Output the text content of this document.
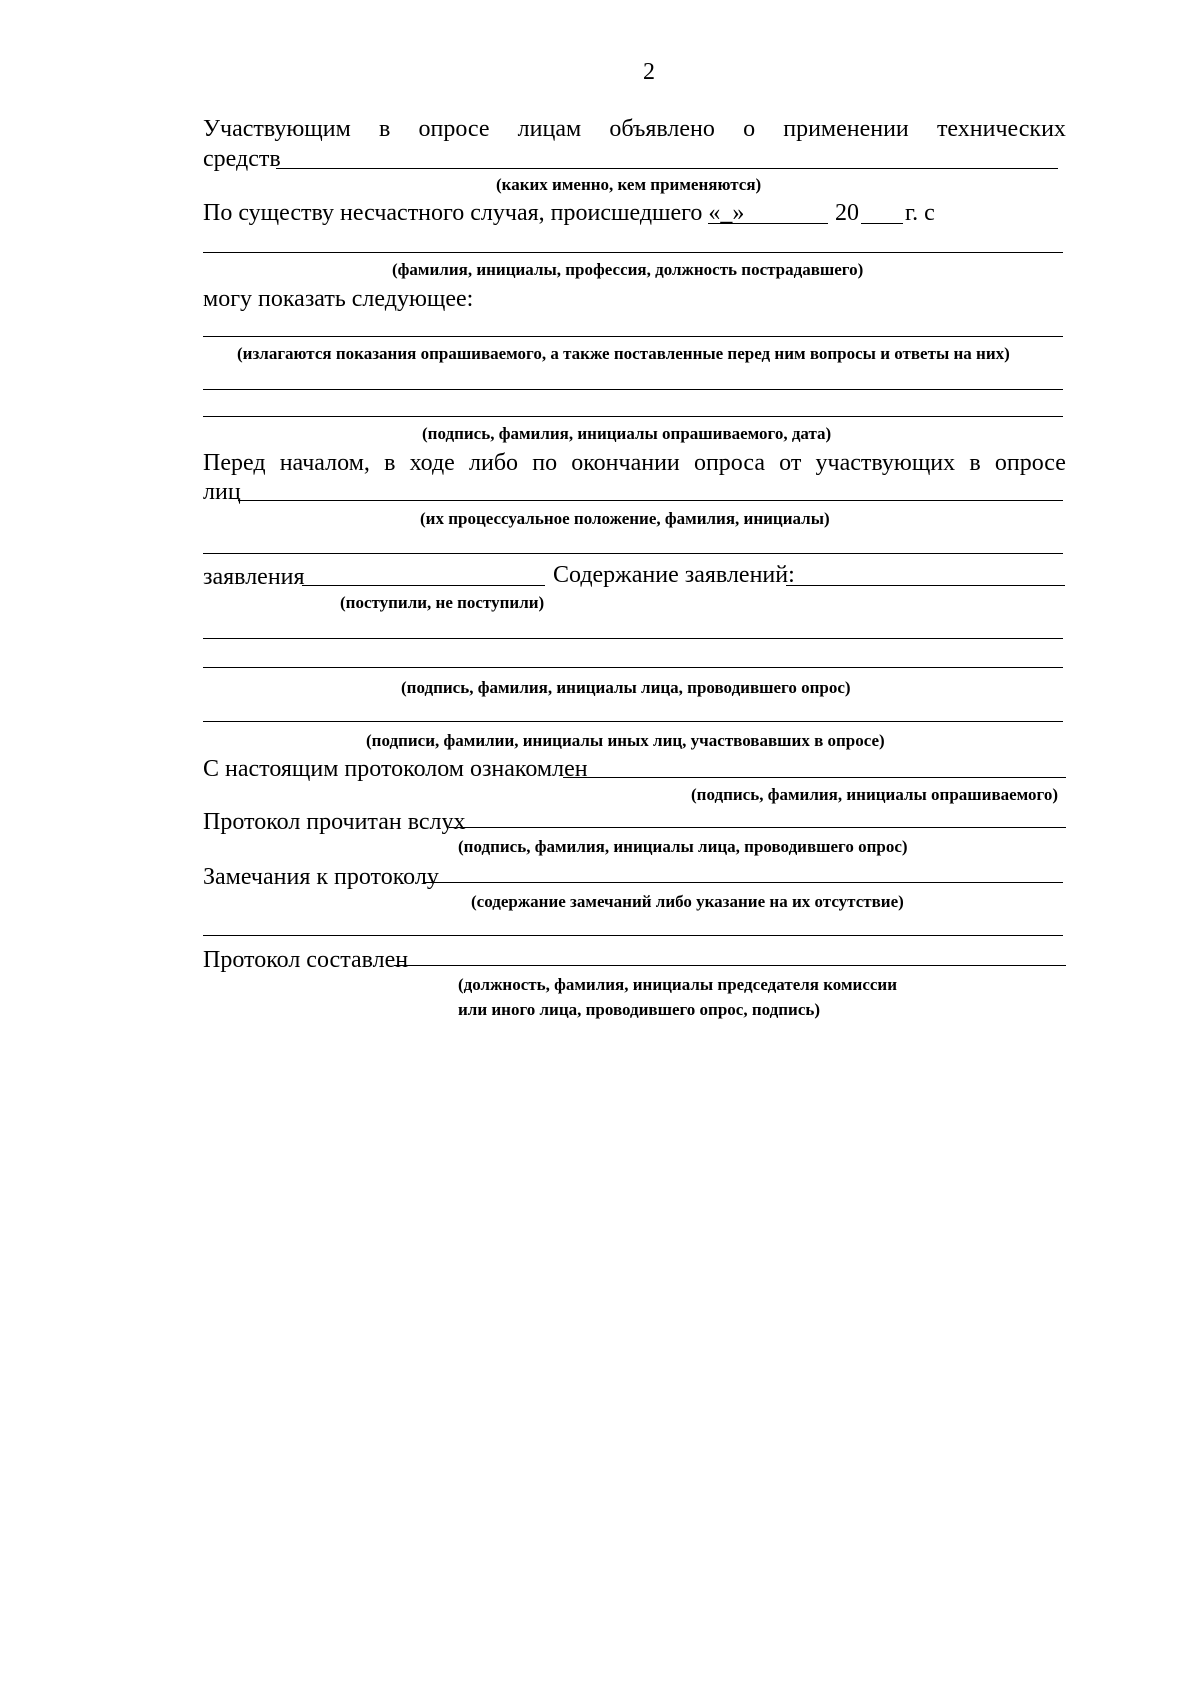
2
Участвующим в опросе лицам объявлено о применении технических
средств
(каких именно, кем применяются)
По существу несчастного случая, происшедшего «_»	20 г. с
(фамилия, инициалы, профессия, должность пострадавшего)
могу показать следующее:
(излагаются показания опрашиваемого, а также поставленные перед ним вопросы и ответы на них)
(подпись, фамилия, инициалы опрашиваемого, дата)
Перед началом, в ходе либо по окончании опроса от участвующих в опросе
лиц
(их процессуальное положение, фамилия, инициалы)
заявления	Содержание заявлений:
(поступили, не поступили)
(подпись, фамилия, инициалы лица, проводившего опрос)
(подписи, фамилии, инициалы иных лиц, участвовавших в опросе)
С настоящим протоколом ознакомлен
(подпись, фамилия, инициалы опрашиваемого)
Протокол прочитан вслух
(подпись, фамилия, инициалы лица, проводившего опрос)
Замечания к протоколу
(содержание замечаний либо указание на их отсутствие)
Протокол составлен
(должность, фамилия, инициалы председателя комиссии
или иного лица, проводившего опрос, подпись)
